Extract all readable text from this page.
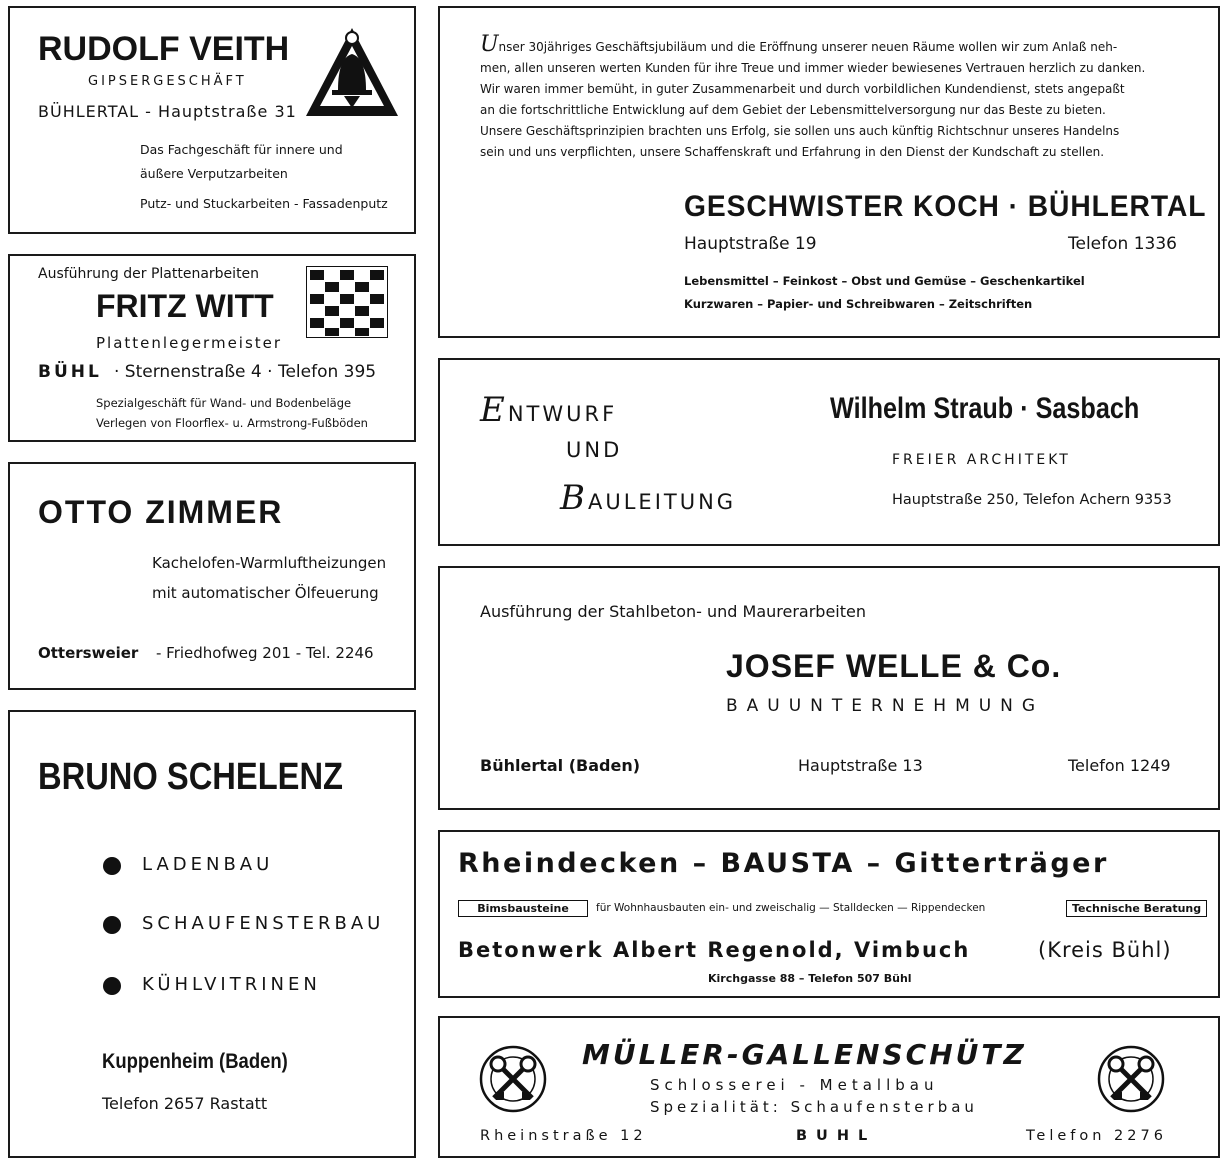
RUDOLF VEITH
GIPSERGESCHÄFT
BÜHLERTAL - Hauptstraße 31
Das Fachgeschäft für innere und
äußere Verputzarbeiten
Putz- und Stuckarbeiten - Fassadenputz
Ausführung der Plattenarbeiten
FRITZ WITT
Plattenlegermeister
BÜHL · Sternenstraße 4 · Telefon 395
Spezialgeschäft für Wand- und Bodenbeläge
Verlegen von Floorflex- u. Armstrong-Fußböden
OTTO ZIMMER
Kachelofen-Warmluftheizungen
mit automatischer Ölfeuerung
Ottersweier - Friedhofweg 201 - Tel. 2246
BRUNO SCHELENZ
LADENBAU
SCHAUFENSTERBAU
KÜHLVITRINEN
Kuppenheim (Baden)
Telefon 2657 Rastatt
Unser 30jähriges Geschäftsjubiläum und die Eröffnung unserer neuen Räume wollen wir zum Anlaß neh-
men, allen unseren werten Kunden für ihre Treue und immer wieder bewiesenes Vertrauen herzlich zu danken.
Wir waren immer bemüht, in guter Zusammenarbeit und durch vorbildlichen Kundendienst, stets angepaßt
an die fortschrittliche Entwicklung auf dem Gebiet der Lebensmittelversorgung nur das Beste zu bieten.
Unsere Geschäftsprinzipien brachten uns Erfolg, sie sollen uns auch künftig Richtschnur unseres Handelns
sein und uns verpflichten, unsere Schaffenskraft und Erfahrung in den Dienst der Kundschaft zu stellen.
GESCHWISTER KOCH · BÜHLERTAL
Hauptstraße 19	Telefon 1336
Lebensmittel – Feinkost – Obst und Gemüse – Geschenkartikel
Kurzwaren – Papier- und Schreibwaren – Zeitschriften
ENTWURF
UND
BAULEITUNG
Wilhelm Straub · Sasbach
FREIER ARCHITEKT
Hauptstraße 250, Telefon Achern 9353
Ausführung der Stahlbeton- und Maurerarbeiten
JOSEF WELLE & Co.
BAUUNTERNEHMUNG
Bühlertal (Baden)	Hauptstraße 13	Telefon 1249
Rheindecken – BAUSTA – Gitterträger
Bimsbausteine	für Wohnhausbauten ein- und zweischalig — Stalldecken — Rippendecken	Technische Beratung
Betonwerk Albert Regenold, Vimbuch	(Kreis Bühl)
Kirchgasse 88 – Telefon 507 Bühl
MÜLLER-GALLENSCHÜTZ
Schlosserei - Metallbau
Spezialität: Schaufensterbau
Rheinstraße 12	BUHL	Telefon 2276
